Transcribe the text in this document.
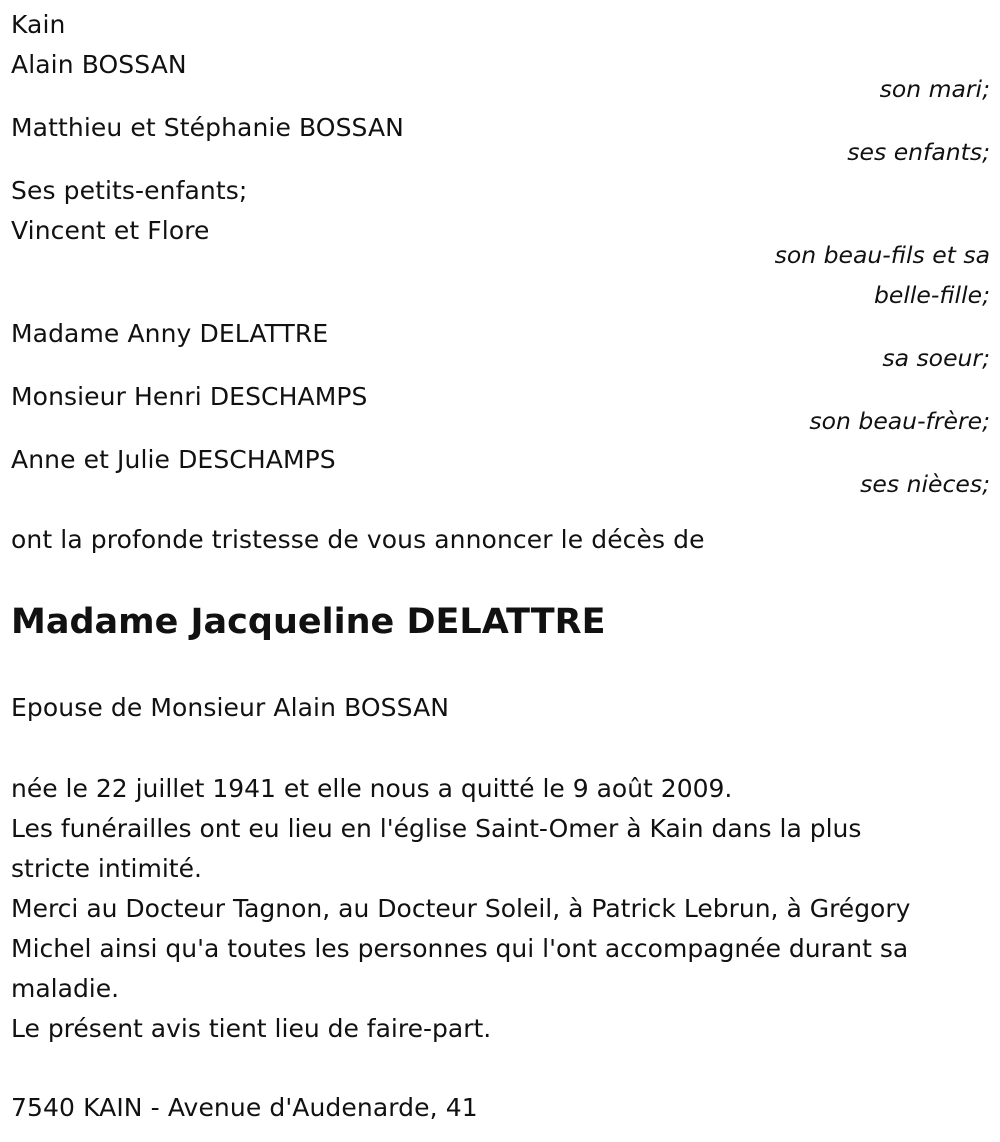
Kain
Alain BOSSAN
son mari;
Matthieu et Stéphanie BOSSAN
ses enfants;
Ses petits-enfants;
Vincent et Flore
son beau-fils et sa
belle-fille;
Madame Anny DELATTRE
sa soeur;
Monsieur Henri DESCHAMPS
son beau-frère;
Anne et Julie DESCHAMPS
ses nièces;
ont la profonde tristesse de vous annoncer le décès de
Madame Jacqueline DELATTRE
Epouse de Monsieur Alain BOSSAN
née le 22 juillet 1941 et elle nous a quitté le 9 août 2009.
Les funérailles ont eu lieu en l'église Saint-Omer à Kain dans la plus
stricte intimité.
Merci au Docteur Tagnon, au Docteur Soleil, à Patrick Lebrun, à Grégory
Michel ainsi qu'a toutes les personnes qui l'ont accompagnée durant sa
maladie.
Le présent avis tient lieu de faire-part.
7540 KAIN - Avenue d'Audenarde, 41
